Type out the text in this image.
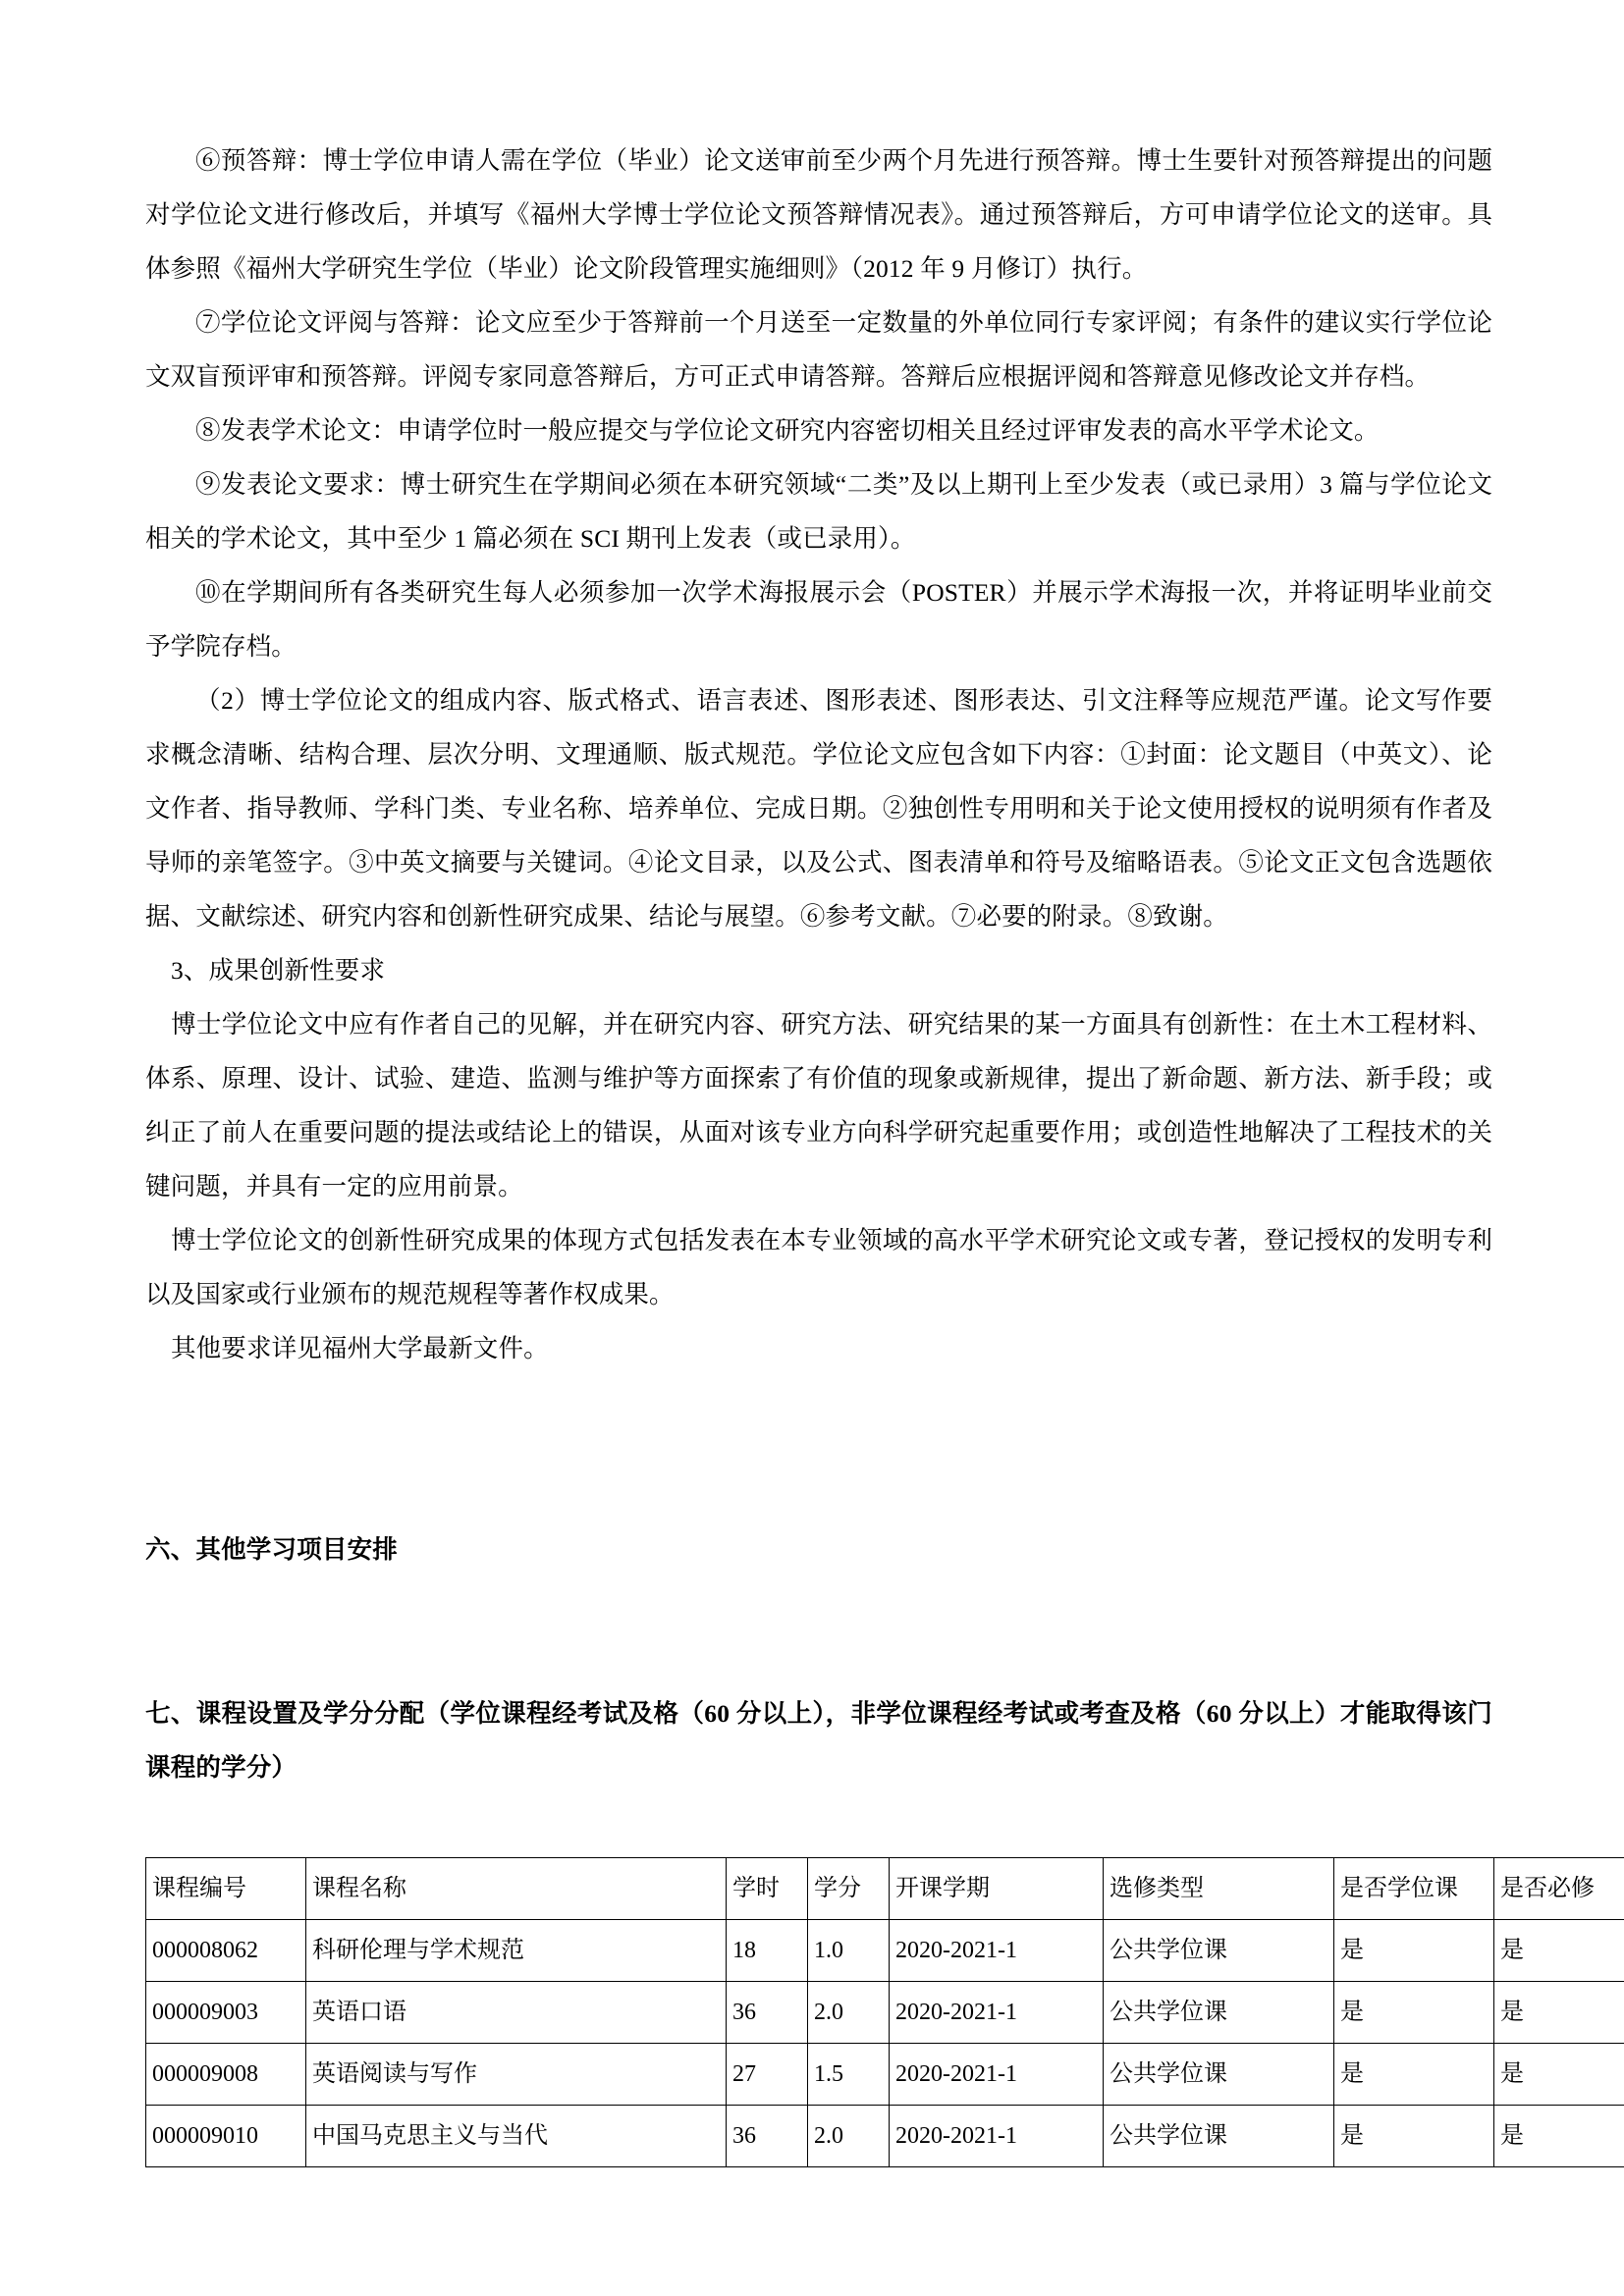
⑥预答辩：博士学位申请人需在学位（毕业）论文送审前至少两个月先进行预答辩。博士生要针对预答辩提出的问题对学位论文进行修改后，并填写《福州大学博士学位论文预答辩情况表》。通过预答辩后，方可申请学位论文的送审。具体参照《福州大学研究生学位（毕业）论文阶段管理实施细则》（2012 年 9 月修订）执行。

⑦学位论文评阅与答辩：论文应至少于答辩前一个月送至一定数量的外单位同行专家评阅；有条件的建议实行学位论文双盲预评审和预答辩。评阅专家同意答辩后，方可正式申请答辩。答辩后应根据评阅和答辩意见修改论文并存档。

⑧发表学术论文：申请学位时一般应提交与学位论文研究内容密切相关且经过评审发表的高水平学术论文。

⑨发表论文要求：博士研究生在学期间必须在本研究领域“二类”及以上期刊上至少发表（或已录用）3 篇与学位论文相关的学术论文，其中至少 1 篇必须在 SCI 期刊上发表（或已录用）。

⑩在学期间所有各类研究生每人必须参加一次学术海报展示会（POSTER）并展示学术海报一次，并将证明毕业前交予学院存档。

（2）博士学位论文的组成内容、版式格式、语言表述、图形表述、图形表达、引文注释等应规范严谨。论文写作要求概念清晰、结构合理、层次分明、文理通顺、版式规范。学位论文应包含如下内容：①封面：论文题目（中英文）、论文作者、指导教师、学科门类、专业名称、培养单位、完成日期。②独创性专用明和关于论文使用授权的说明须有作者及导师的亲笔签字。③中英文摘要与关键词。④论文目录，以及公式、图表清单和符号及缩略语表。⑤论文正文包含选题依据、文献综述、研究内容和创新性研究成果、结论与展望。⑥参考文献。⑦必要的附录。⑧致谢。

3、成果创新性要求

博士学位论文中应有作者自己的见解，并在研究内容、研究方法、研究结果的某一方面具有创新性：在土木工程材料、体系、原理、设计、试验、建造、监测与维护等方面探索了有价值的现象或新规律，提出了新命题、新方法、新手段；或纠正了前人在重要问题的提法或结论上的错误，从面对该专业方向科学研究起重要作用；或创造性地解决了工程技术的关键问题，并具有一定的应用前景。

博士学位论文的创新性研究成果的体现方式包括发表在本专业领域的高水平学术研究论文或专著，登记授权的发明专利以及国家或行业颁布的规范规程等著作权成果。

其他要求详见福州大学最新文件。

六、其他学习项目安排
七、课程设置及学分分配（学位课程经考试及格（60 分以上），非学位课程经考试或考查及格（60 分以上）才能取得该门课程的学分）
课程编号	课程名称	学时	学分	开课学期	选修类型	是否学位课	是否必修
000008062	科研伦理与学术规范	18	1.0	2020-2021-1	公共学位课	是	是
000009003	英语口语	36	2.0	2020-2021-1	公共学位课	是	是
000009008	英语阅读与写作	27	1.5	2020-2021-1	公共学位课	是	是
000009010	中国马克思主义与当代	36	2.0	2020-2021-1	公共学位课	是	是
